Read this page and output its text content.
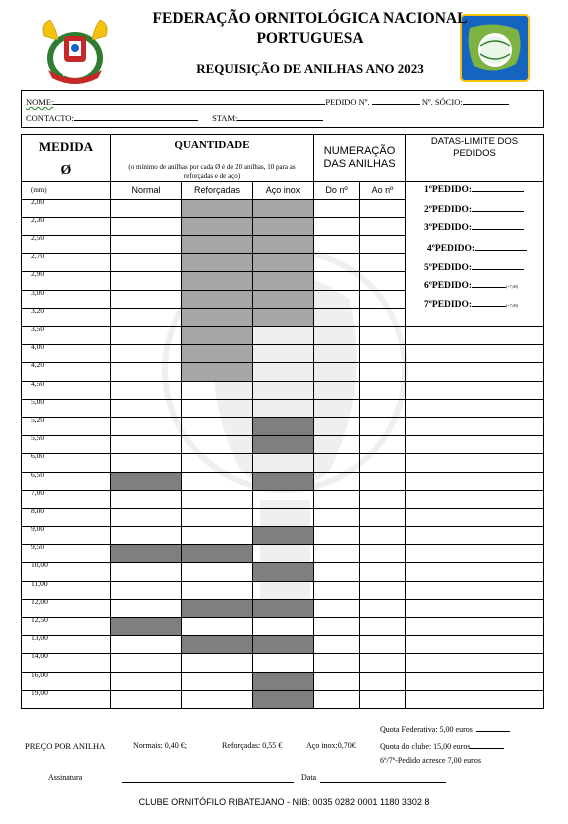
FONP
FEDERAÇÃO ORNITOLÓGICA NACIONAL
PORTUGUESA
REQUISIÇÃO DE ANILHAS ANO 2023
NOME:	PEDIDO Nº.	Nº. SÓCIO:
CONTACTO:	STAM:
MEDIDA	QUANTIDADE			NUMERAÇÃO DAS ANILHAS		DATAS-LIMITE DOS PEDIDOS

Ø	(o mínimo de anilhas por cada Ø é de 20 anilhas, 10 para as reforçadas e de aço)					

(mm)	Normal	Reforçadas	Aço inox	Do nº	Ao nº	

2,00						

2,30						

2,50						

2,70						

2,90						

3,00						

3,20						

3,50						

4,00						

4,20						

4,50						

5,00						

5,20						

5,50						

6,00						

6,50						

7,00						

8,00						

9,00						

9,50						

10,00						

11,00						

12,00						

12,50						

13,00						

14,00						

16,00						

19,00						

1ºPEDIDO:
2ºPEDIDO:
3ºPEDIDO:
4ºPEDIDO:
5ºPEDIDO:
6ºPEDIDO:	(+7,00)
7ºPEDIDO:	(+7,00)
Quota Federativa: 5,00 euros
Quota do clube: 15,00 euros
6º/7º-Pedido acresce 7,00 euros
PREÇO POR ANILHA	Normais: 0,40 €;	Reforçadas: 0,55 €	Aço inox:0,70€
Assinatura	Data
CLUBE ORNITÓFILO RIBATEJANO - NIB: 0035 0282 0001 1180 3302 8
